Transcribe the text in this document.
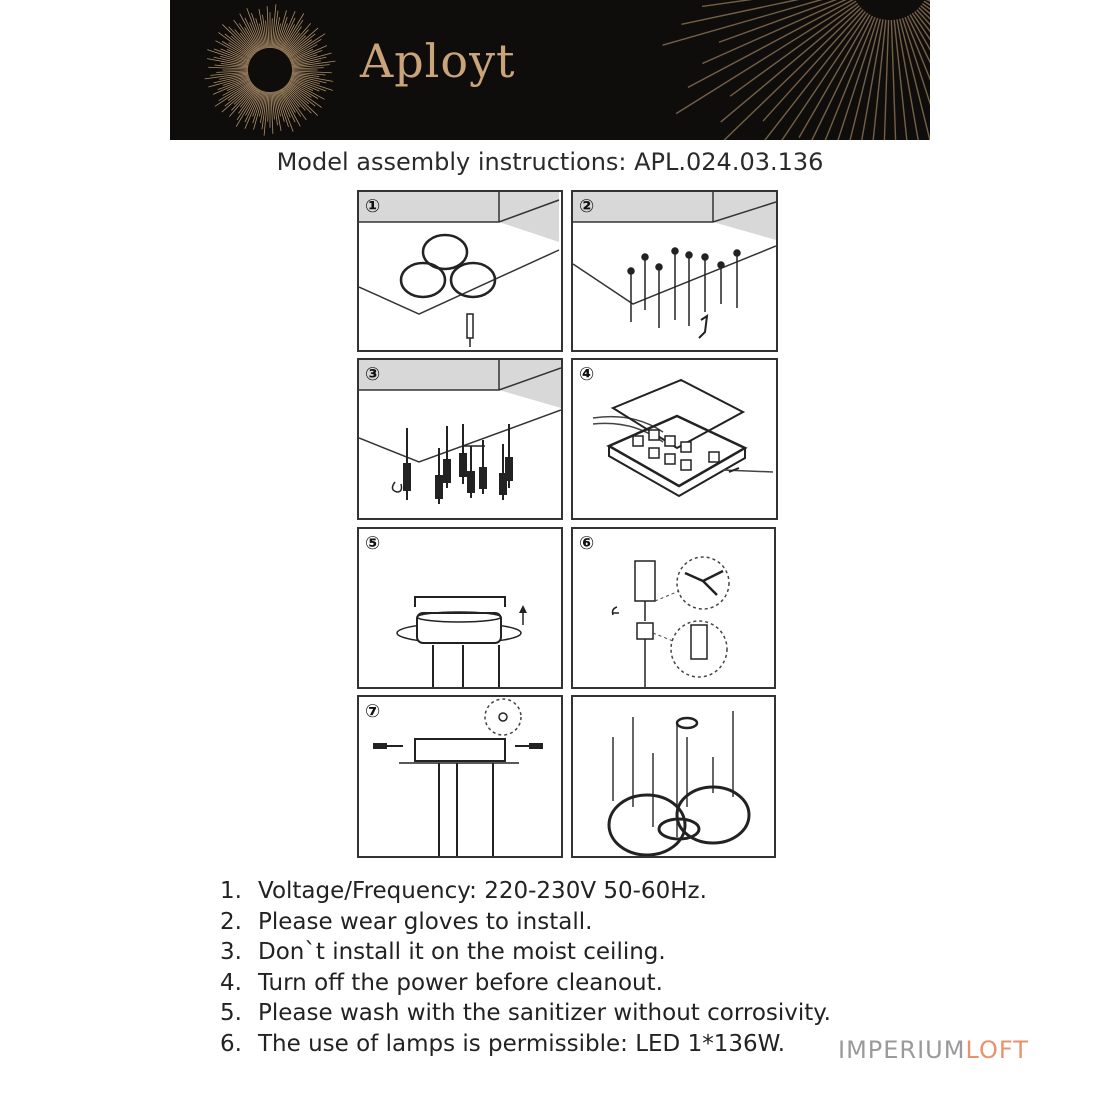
Aployt
Model assembly instructions: APL.024.03.136
①	②
③	④
⑤	⑥
⑦
1. Voltage/Frequency: 220-230V 50-60Hz.
2. Please wear gloves to install.
3. Don`t install it on the moist ceiling.
4. Turn off the power before cleanout.
5. Please wash with the sanitizer without corrosivity.
6. The use of lamps is permissible: LED 1*136W. IMPERIUMLOFT
